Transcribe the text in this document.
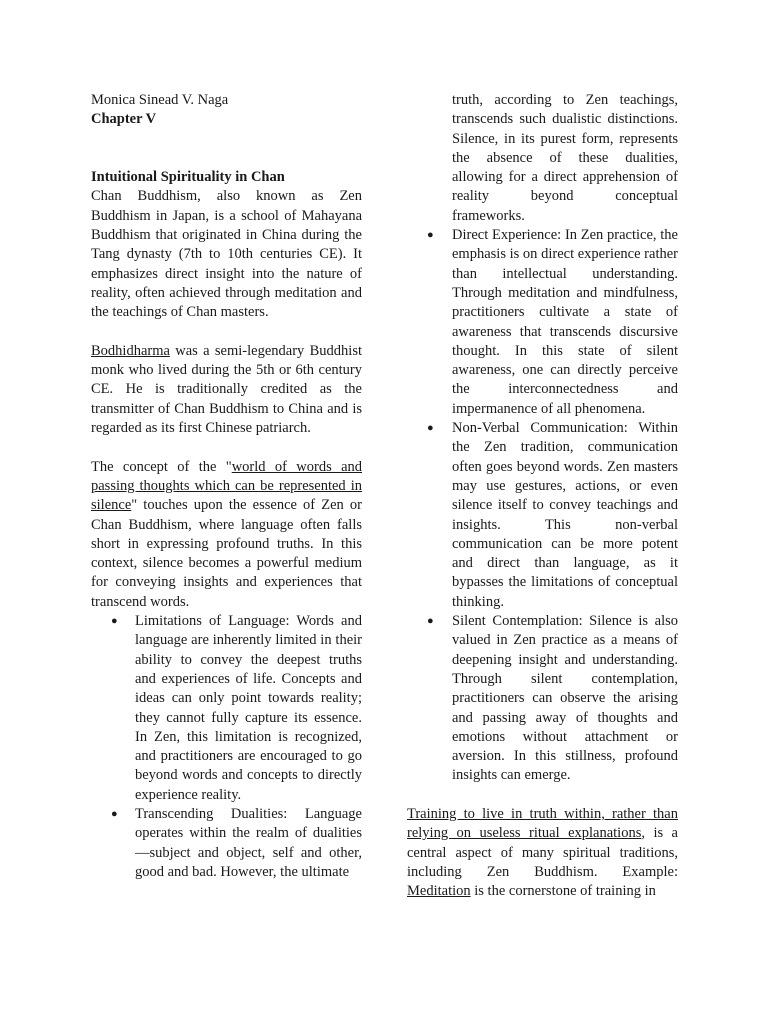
Monica Sinead V. Naga

Chapter V

Intuitional Spirituality in Chan

Chan Buddhism, also known as Zen Buddhism in Japan, is a school of Mahayana Buddhism that originated in China during the Tang dynasty (7th to 10th centuries CE). It emphasizes direct insight into the nature of reality, often achieved through meditation and the teachings of Chan masters.

Bodhidharma was a semi-legendary Buddhist monk who lived during the 5th or 6th century CE. He is traditionally credited as the transmitter of Chan Buddhism to China and is regarded as its first Chinese patriarch.

The concept of the "world of words and passing thoughts which can be represented in silence" touches upon the essence of Zen or Chan Buddhism, where language often falls short in expressing profound truths. In this context, silence becomes a powerful medium for conveying insights and experiences that transcend words.

● Limitations of Language: Words and language are inherently limited in their ability to convey the deepest truths and experiences of life. Concepts and ideas can only point towards reality; they cannot fully capture its essence. In Zen, this limitation is recognized, and practitioners are encouraged to go beyond words and concepts to directly experience reality.
● Transcending Dualities: Language operates within the realm of dualities—subject and object, self and other, good and bad. However, the ultimate
truth, according to Zen teachings, transcends such dualistic distinctions. Silence, in its purest form, represents the absence of these dualities, allowing for a direct apprehension of reality beyond conceptual frameworks.
● Direct Experience: In Zen practice, the emphasis is on direct experience rather than intellectual understanding. Through meditation and mindfulness, practitioners cultivate a state of awareness that transcends discursive thought. In this state of silent awareness, one can directly perceive the interconnectedness and impermanence of all phenomena.
● Non-Verbal Communication: Within the Zen tradition, communication often goes beyond words. Zen masters may use gestures, actions, or even silence itself to convey teachings and insights. This non-verbal communication can be more potent and direct than language, as it bypasses the limitations of conceptual thinking.
● Silent Contemplation: Silence is also valued in Zen practice as a means of deepening insight and understanding. Through silent contemplation, practitioners can observe the arising and passing away of thoughts and emotions without attachment or aversion. In this stillness, profound insights can emerge.

Training to live in truth within, rather than relying on useless ritual explanations, is a central aspect of many spiritual traditions, including Zen Buddhism. Example: Meditation is the cornerstone of training in
